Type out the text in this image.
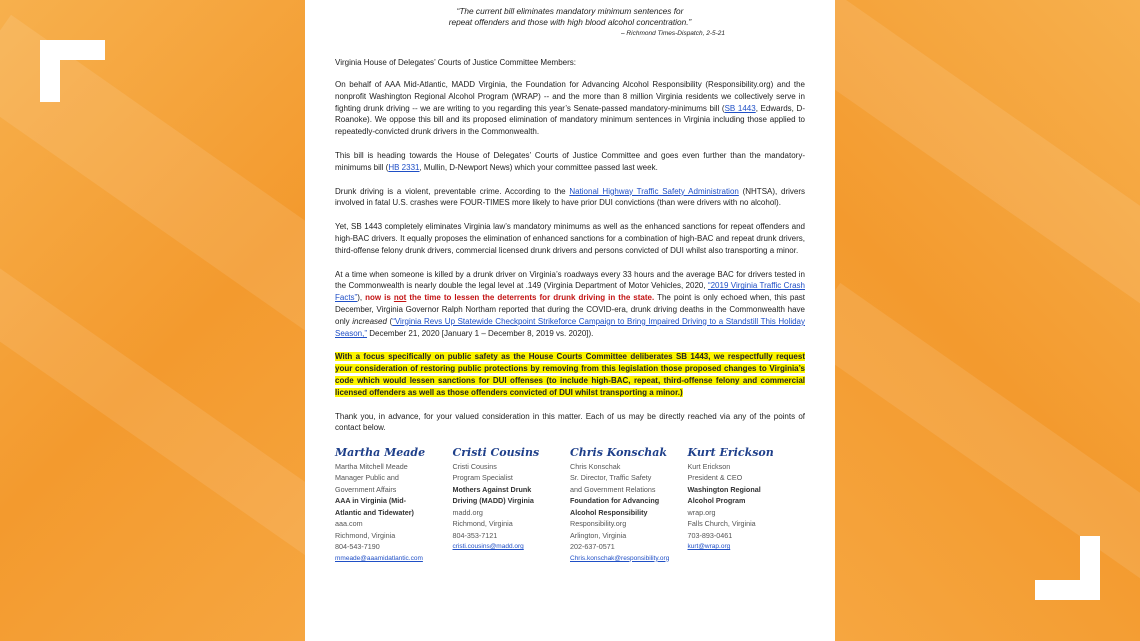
“The current bill eliminates mandatory minimum sentences for
repeat offenders and those with high blood alcohol concentration.”
– Richmond Times-Dispatch, 2-5-21
Virginia House of Delegates’ Courts of Justice Committee Members:

On behalf of AAA Mid-Atlantic, MADD Virginia, the Foundation for Advancing Alcohol Responsibility (Responsibility.org) and the nonprofit Washington Regional Alcohol Program (WRAP) -- and the more than 8 million Virginia residents we collectively serve in fighting drunk driving -- we are writing to you regarding this year’s Senate-passed mandatory-minimums bill (SB 1443, Edwards, D-Roanoke). We oppose this bill and its proposed elimination of mandatory minimum sentences in Virginia including those applied to repeatedly-convicted drunk drivers in the Commonwealth.

This bill is heading towards the House of Delegates’ Courts of Justice Committee and goes even further than the mandatory-minimums bill (HB 2331, Mullin, D-Newport News) which your committee passed last week.

Drunk driving is a violent, preventable crime. According to the National Highway Traffic Safety Administration (NHTSA), drivers involved in fatal U.S. crashes were FOUR-TIMES more likely to have prior DUI convictions (than were drivers with no alcohol).

Yet, SB 1443 completely eliminates Virginia law’s mandatory minimums as well as the enhanced sanctions for repeat offenders and high-BAC drivers. It equally proposes the elimination of enhanced sanctions for a combination of high-BAC and repeat drunk drivers, third-offense felony drunk drivers, commercial licensed drunk drivers and persons convicted of DUI whilst also transporting a minor.

At a time when someone is killed by a drunk driver on Virginia’s roadways every 33 hours and the average BAC for drivers tested in the Commonwealth is nearly double the legal level at .149 (Virginia Department of Motor Vehicles, 2020, “2019 Virginia Traffic Crash Facts”), now is not the time to lessen the deterrents for drunk driving in the state. The point is only echoed when, this past December, Virginia Governor Ralph Northam reported that during the COVID-era, drunk driving deaths in the Commonwealth have only increased (“Virginia Revs Up Statewide Checkpoint Strikeforce Campaign to Bring Impaired Driving to a Standstill This Holiday Season,” December 21, 2020 [January 1 – December 8, 2019 vs. 2020]).

With a focus specifically on public safety as the House Courts Committee deliberates SB 1443, we respectfully request your consideration of restoring public protections by removing from this legislation those proposed changes to Virginia’s code which would lessen sanctions for DUI offenses (to include high-BAC, repeat, third-offense felony and commercial licensed offenders as well as those offenders convicted of DUI whilst transporting a minor.)

Thank you, in advance, for your valued consideration in this matter. Each of us may be directly reached via any of the points of contact below.

Martha Meade
Martha Mitchell Meade
Manager Public and
Government Affairs
AAA in Virginia (Mid-
Atlantic and Tidewater)
aaa.com
Richmond, Virginia
804-543-7190
mmeade@aaamidatlantic.com
Cristi Cousins
Cristi Cousins
Program Specialist
Mothers Against Drunk
Driving (MADD) Virginia
madd.org
Richmond, Virginia
804-353-7121
cristi.cousins@madd.org
Chris Konschak
Chris Konschak
Sr. Director, Traffic Safety
and Government Relations
Foundation for Advancing
Alcohol Responsibility
Responsibility.org
Arlington, Virginia
202-637-0571
Chris.konschak@responsibility.org
Kurt Erickson
Kurt Erickson
President & CEO
Washington Regional
Alcohol Program
wrap.org
Falls Church, Virginia
703-893-0461
kurt@wrap.org
